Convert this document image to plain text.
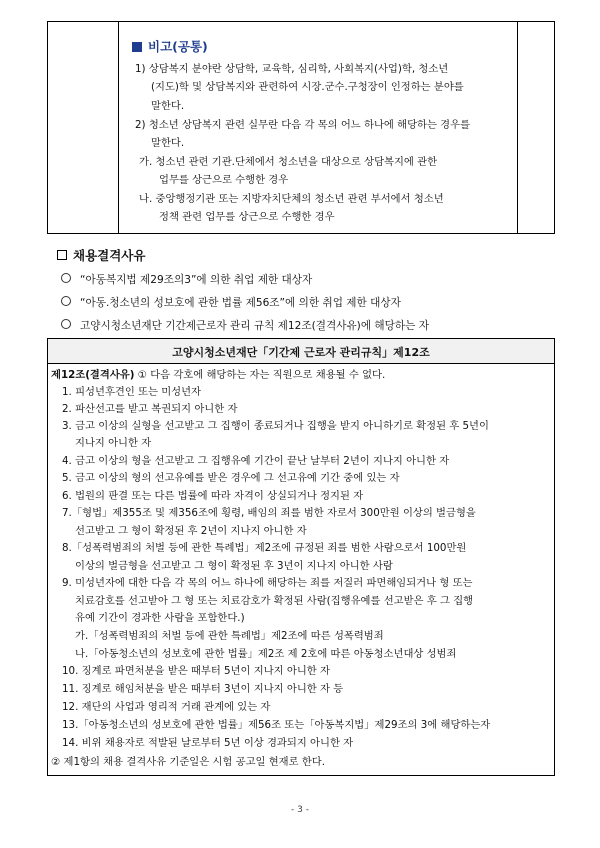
비고(공통)
1) 상담복지 분야란 상담학, 교육학, 심리학, 사회복지(사업)학, 청소년
(지도)학 및 상담복지와 관련하여 시장.군수.구청장이 인정하는 분야를
말한다.
2) 청소년 상담복지 관련 실무란 다음 각 목의 어느 하나에 해당하는 경우를
말한다.
가. 청소년 관련 기관.단체에서 청소년을 대상으로 상담복지에 관한
업무를 상근으로 수행한 경우
나. 중앙행정기관 또는 지방자치단체의 청소년 관련 부서에서 청소년
정책 관련 업무를 상근으로 수행한 경우
채용결격사유
“아동복지법 제29조의3”에 의한 취업 제한 대상자
“아동.청소년의 성보호에 관한 법률 제56조”에 의한 취업 제한 대상자
고양시청소년재단 기간제근로자 관리 규칙 제12조(결격사유)에 해당하는 자
고양시청소년재단「기간제 근로자 관리규칙」제12조
제12조(결격사유) ① 다음 각호에 해당하는 자는 직원으로 채용될 수 없다.
1. 피성년후견인 또는 미성년자
2. 파산선고를 받고 복권되지 아니한 자
3. 금고 이상의 실형을 선고받고 그 집행이 종료되거나 집행을 받지 아니하기로 확정된 후 5년이
지나지 아니한 자
4. 금고 이상의 형을 선고받고 그 집행유예 기간이 끝난 날부터 2년이 지나지 아니한 자
5. 금고 이상의 형의 선고유예를 받은 경우에 그 선고유예 기간 중에 있는 자
6. 법원의 판결 또는 다른 법률에 따라 자격이 상실되거나 정지된 자
7.「형법」제355조 및 제356조에 횡령, 배임의 죄를 범한 자로서 300만원 이상의 벌금형을
선고받고 그 형이 확정된 후 2년이 지나지 아니한 자
8.「성폭력범죄의 처벌 등에 관한 특례법」제2조에 규정된 죄를 범한 사람으로서 100만원
이상의 벌금형을 선고받고 그 형이 확정된 후 3년이 지나지 아니한 사람
9. 미성년자에 대한 다음 각 목의 어느 하나에 해당하는 죄를 저질러 파면해임되거나 형 또는
치료감호를 선고받아 그 형 또는 치료감호가 확정된 사람(집행유예를 선고받은 후 그 집행
유예 기간이 경과한 사람을 포함한다.)
가.「성폭력범죄의 처벌 등에 관한 특례법」제2조에 따른 성폭력범죄
나.「아동청소년의 성보호에 관한 법률」제2조 제 2호에 따른 아동청소년대상 성범죄
10. 징계로 파면처분을 받은 때부터 5년이 지나지 아니한 자
11. 징계로 해임처분을 받은 때부터 3년이 지나지 아니한 자 등
12. 재단의 사업과 영리적 거래 관계에 있는 자
13.「아동청소년의 성보호에 관한 법률」제56조 또는「아동복지법」제29조의 3에 해당하는자
14. 비위 채용자로 적발된 날로부터 5년 이상 경과되지 아니한 자
② 제1항의 채용 결격사유 기준일은 시험 공고일 현재로 한다.
- 3 -
